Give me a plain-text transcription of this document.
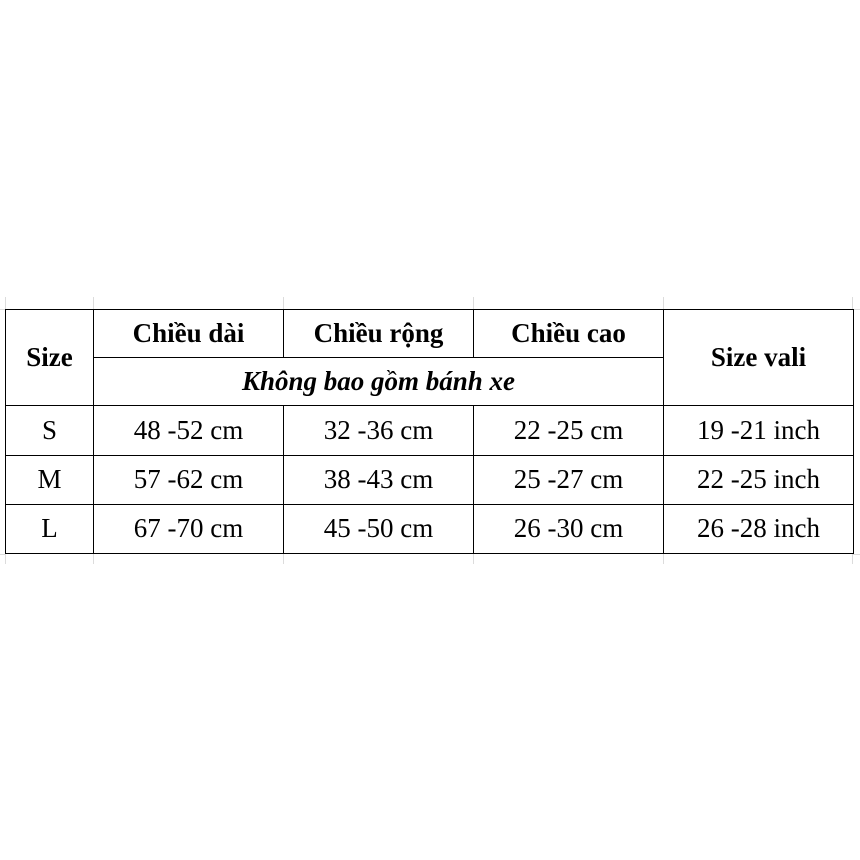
Size	Chiều dài	Chiều rộng	Chiều cao	Size vali
	Không bao gồm bánh xe			
S	48 -52 cm	32 -36 cm	22 -25 cm	19 -21 inch
M	57 -62 cm	38 -43 cm	25 -27 cm	22 -25 inch
L	67 -70 cm	45 -50 cm	26 -30 cm	26 -28 inch
